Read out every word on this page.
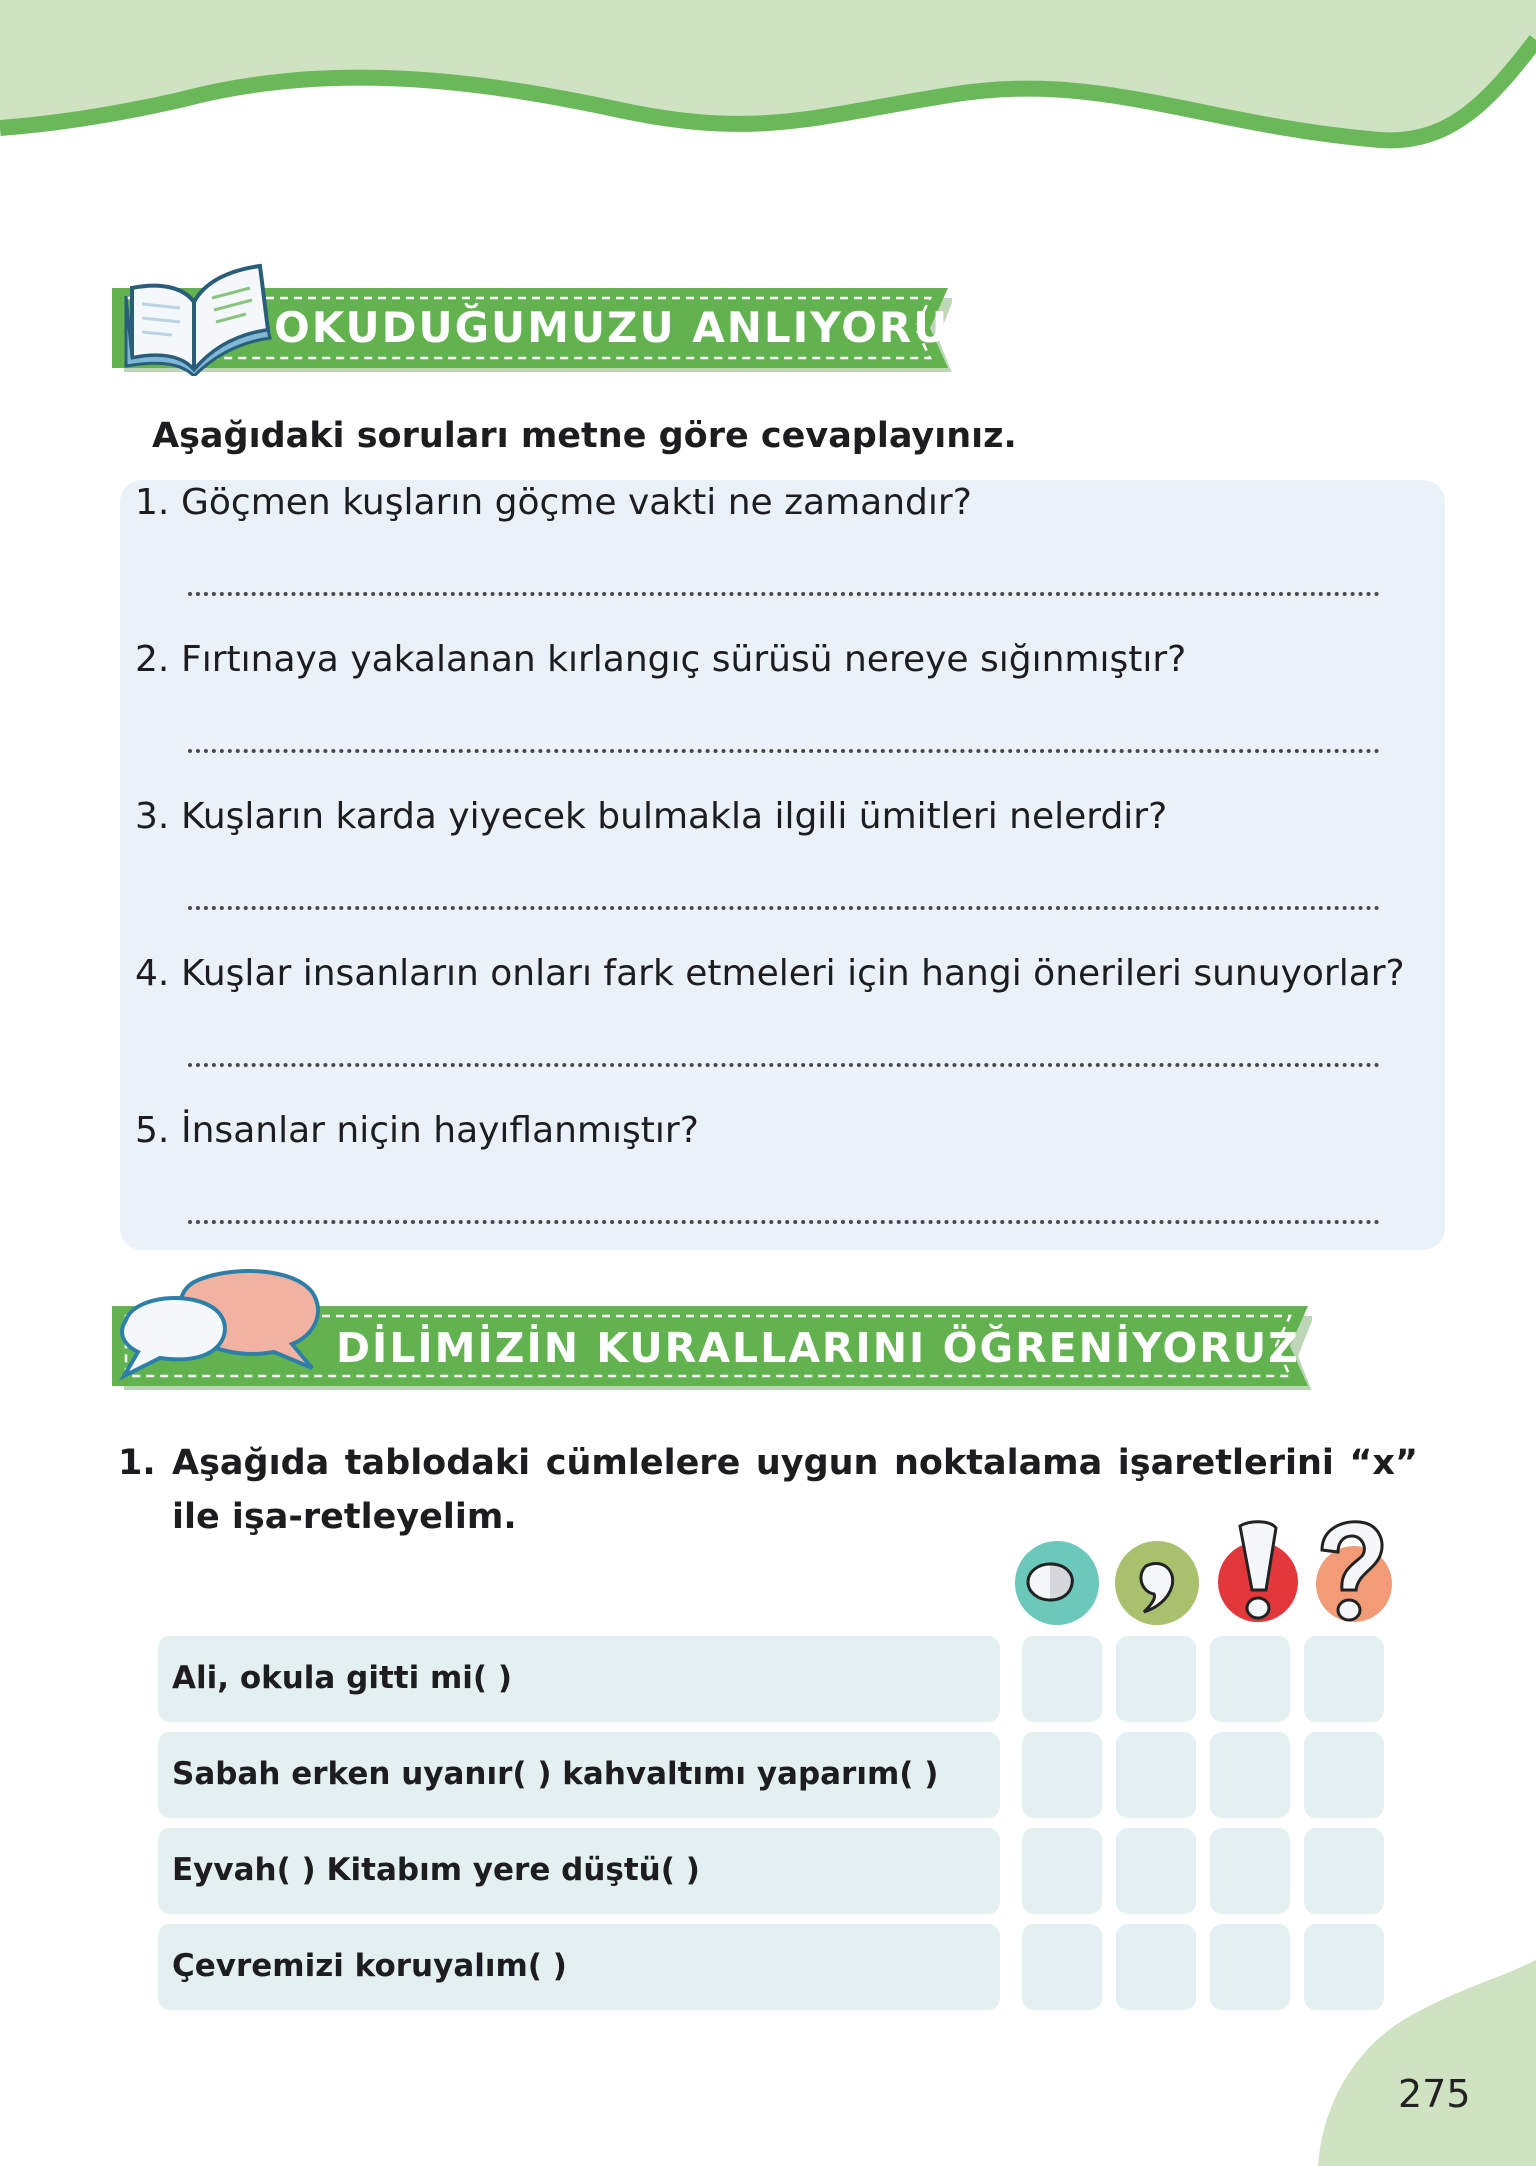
OKUDUĞUMUZU ANLIYORUZ
Aşağıdaki soruları metne göre cevaplayınız.
1. Göçmen kuşların göçme vakti ne zamandır?
2. Fırtınaya yakalanan kırlangıç sürüsü nereye sığınmıştır?
3. Kuşların karda yiyecek bulmakla ilgili ümitleri nelerdir?
4. Kuşlar insanların onları fark etmeleri için hangi önerileri sunuyorlar?
5. İnsanlar niçin hayıflanmıştır?
DİLİMİZİN KURALLARINI ÖĞRENİYORUZ
1. Aşağıda tablodaki cümlelere uygun noktalama işaretlerini “x” ile işa-retleyelim.
Ali, okula gitti mi( )
Sabah erken uyanır( ) kahvaltımı yaparım( )
Eyvah( ) Kitabım yere düştü( )
Çevremizi koruyalım( )
275
